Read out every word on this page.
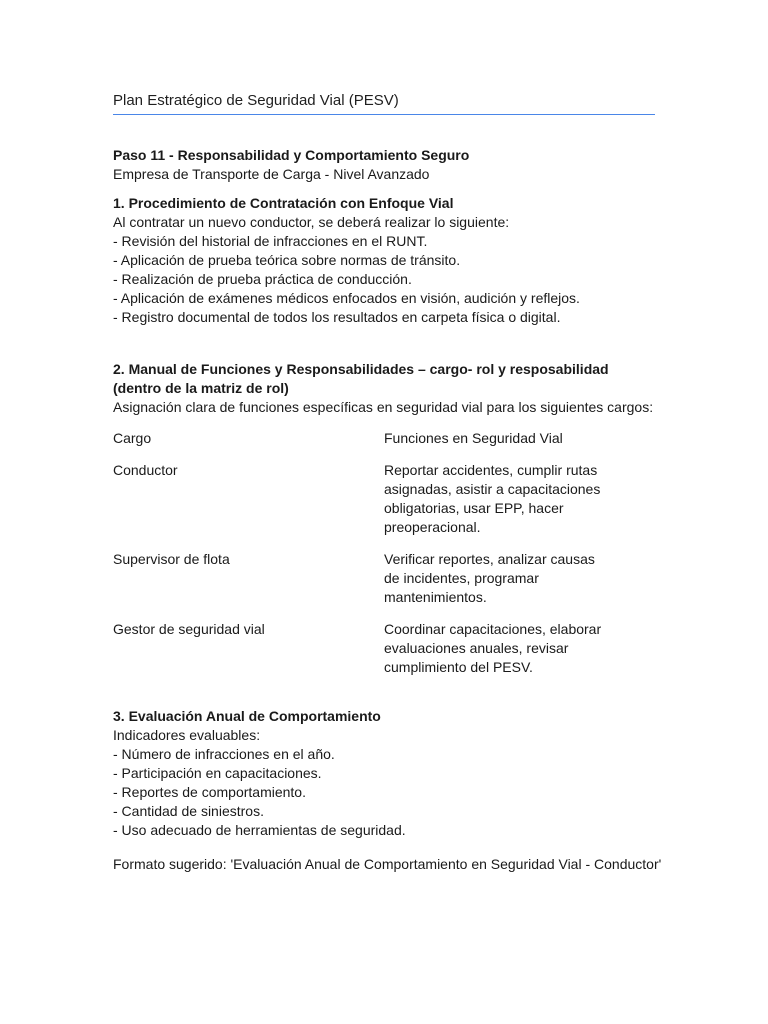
Plan Estratégico de Seguridad Vial (PESV)
Paso 11 - Responsabilidad y Comportamiento Seguro
Empresa de Transporte de Carga - Nivel Avanzado
1. Procedimiento de Contratación con Enfoque Vial
Al contratar un nuevo conductor, se deberá realizar lo siguiente:
- Revisión del historial de infracciones en el RUNT.
- Aplicación de prueba teórica sobre normas de tránsito.
- Realización de prueba práctica de conducción.
- Aplicación de exámenes médicos enfocados en visión, audición y reflejos.
- Registro documental de todos los resultados en carpeta física o digital.
2. Manual de Funciones y Responsabilidades – cargo- rol y resposabilidad (dentro de la matriz de rol)
Asignación clara de funciones específicas en seguridad vial para los siguientes cargos:
Cargo	Funciones en Seguridad Vial
Conductor	Reportar accidentes, cumplir rutas asignadas, asistir a capacitaciones obligatorias, usar EPP, hacer preoperacional.
Supervisor de flota	Verificar reportes, analizar causas de incidentes, programar mantenimientos.
Gestor de seguridad vial	Coordinar capacitaciones, elaborar evaluaciones anuales, revisar cumplimiento del PESV.
3. Evaluación Anual de Comportamiento
Indicadores evaluables:
- Número de infracciones en el año.
- Participación en capacitaciones.
- Reportes de comportamiento.
- Cantidad de siniestros.
- Uso adecuado de herramientas de seguridad.
Formato sugerido: 'Evaluación Anual de Comportamiento en Seguridad Vial - Conductor'
